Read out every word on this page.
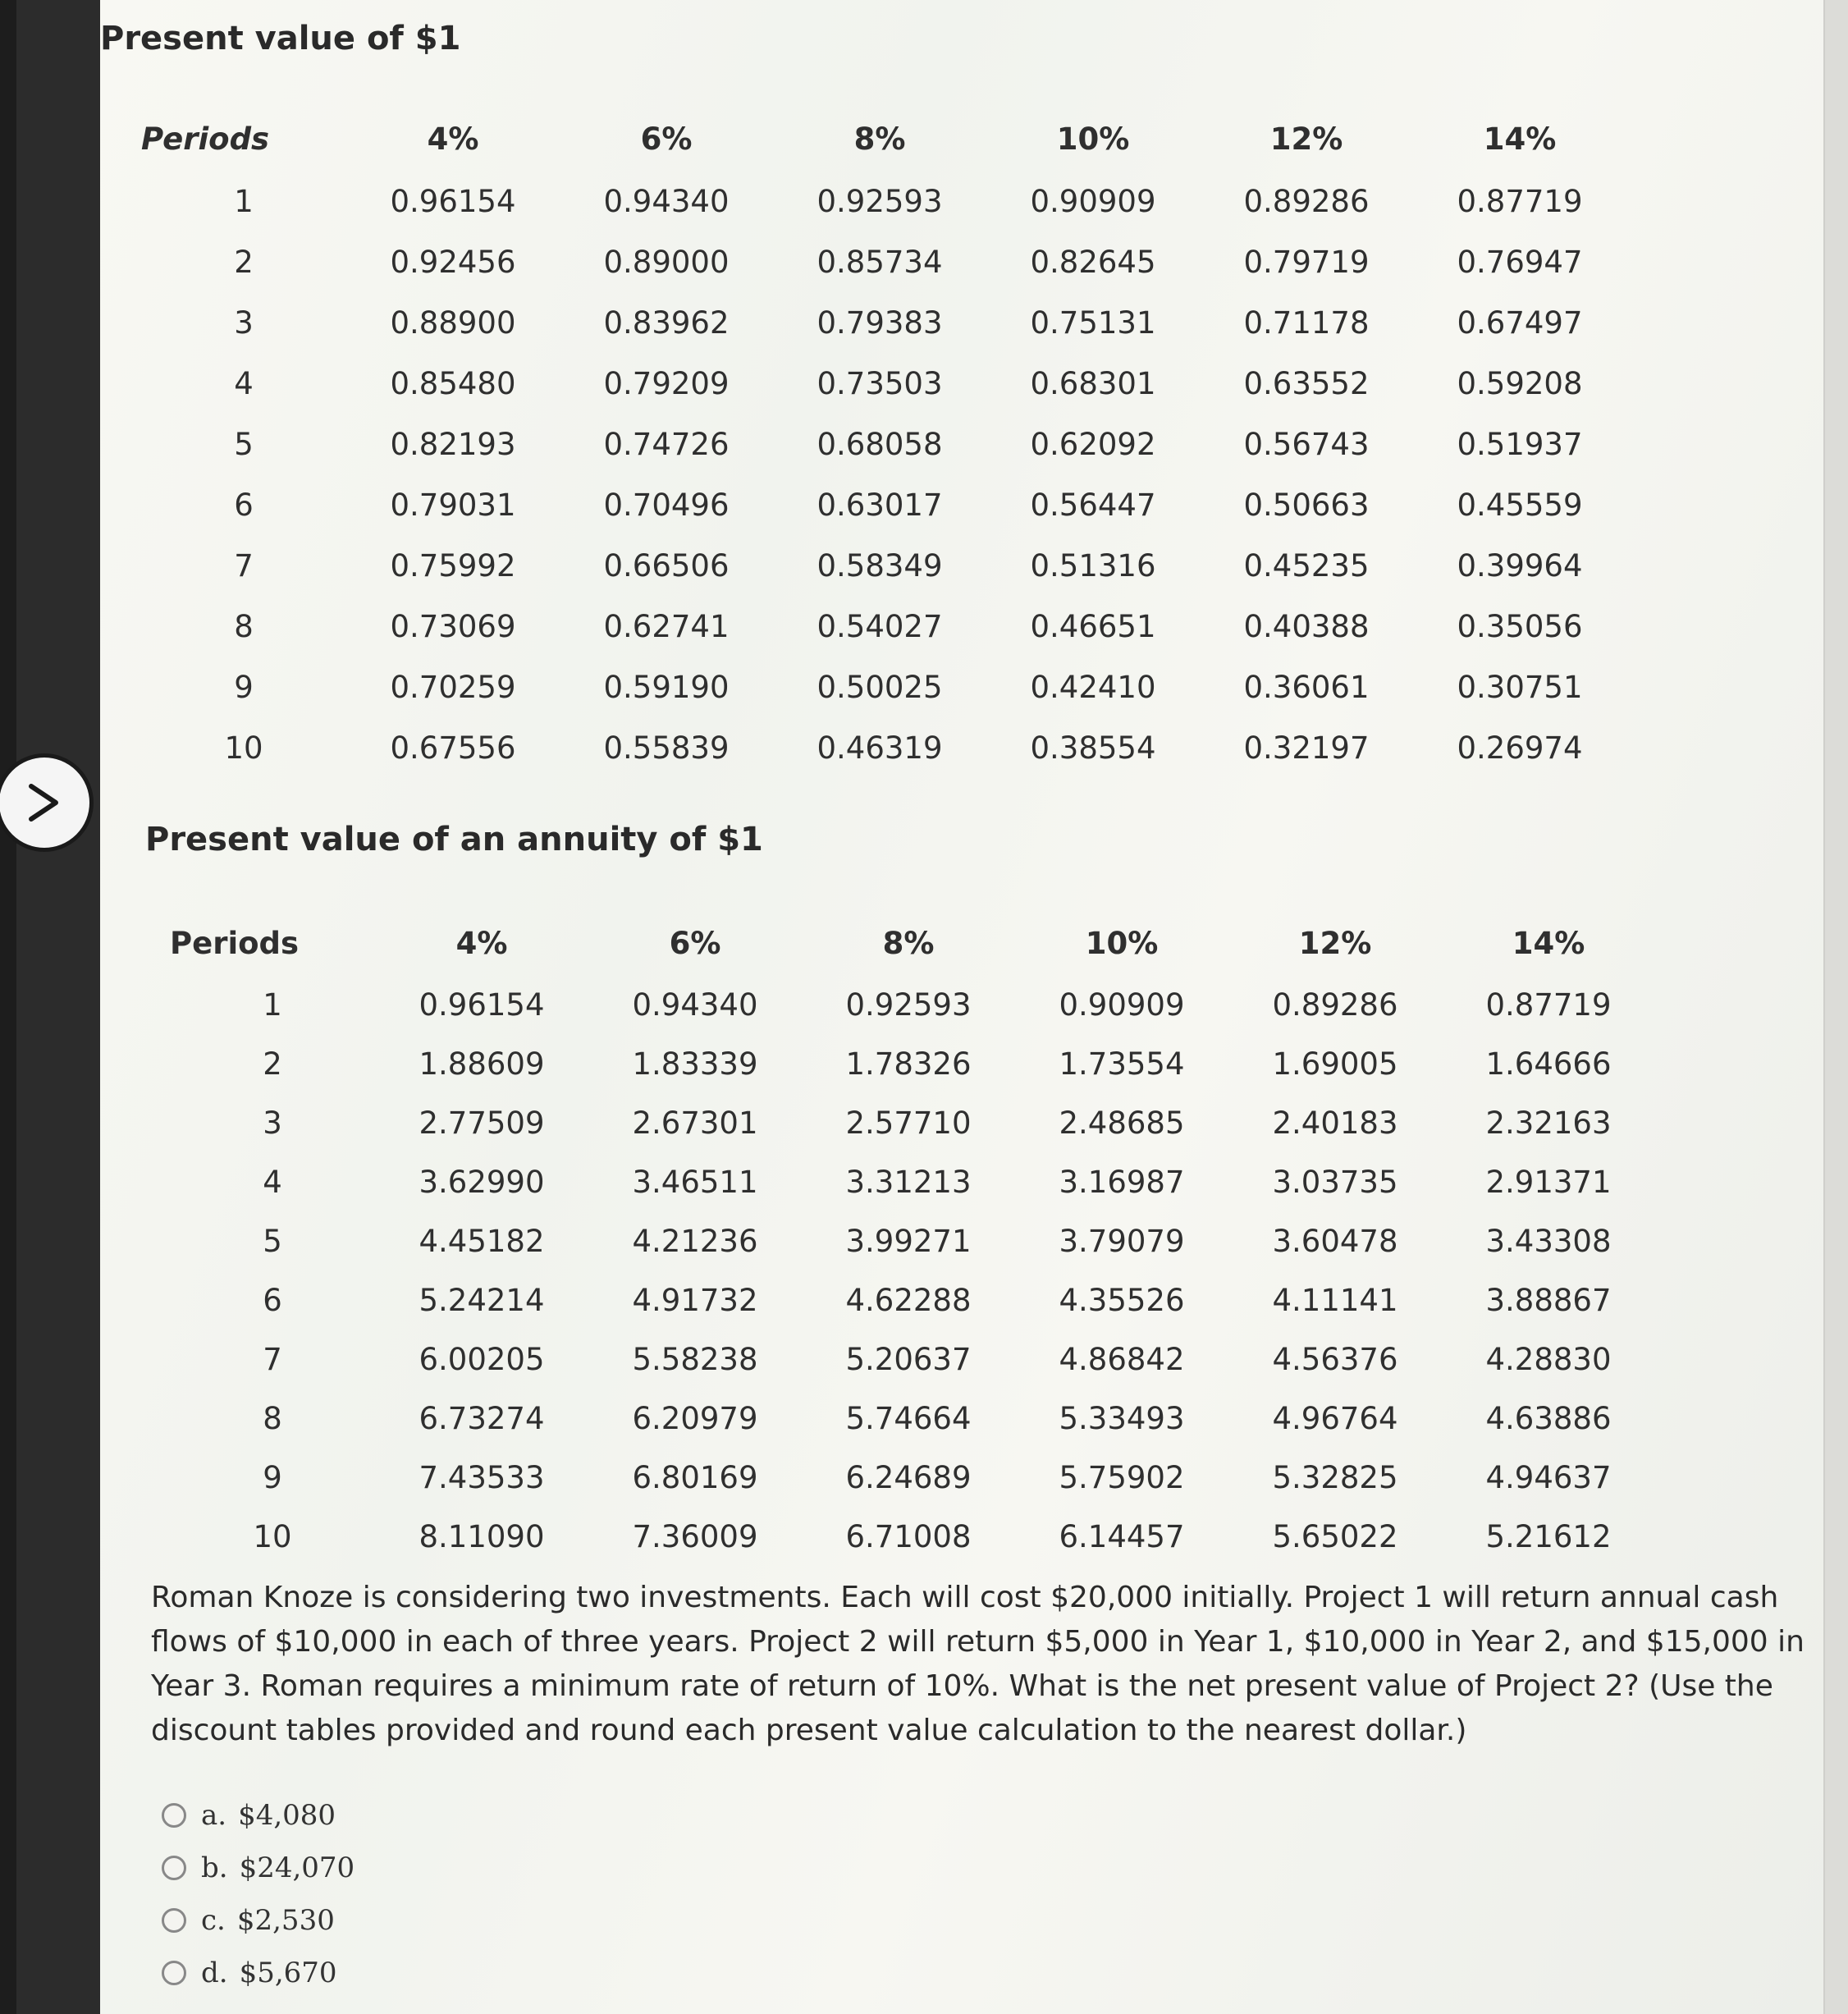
Present value of $1
Periods	4%	6%	8%	10%	12%	14%
1	0.96154	0.94340	0.92593	0.90909	0.89286	0.87719
2	0.92456	0.89000	0.85734	0.82645	0.79719	0.76947
3	0.88900	0.83962	0.79383	0.75131	0.71178	0.67497
4	0.85480	0.79209	0.73503	0.68301	0.63552	0.59208
5	0.82193	0.74726	0.68058	0.62092	0.56743	0.51937
6	0.79031	0.70496	0.63017	0.56447	0.50663	0.45559
7	0.75992	0.66506	0.58349	0.51316	0.45235	0.39964
8	0.73069	0.62741	0.54027	0.46651	0.40388	0.35056
9	0.70259	0.59190	0.50025	0.42410	0.36061	0.30751
10	0.67556	0.55839	0.46319	0.38554	0.32197	0.26974
Present value of an annuity of $1
Periods	4%	6%	8%	10%	12%	14%
1	0.96154	0.94340	0.92593	0.90909	0.89286	0.87719
2	1.88609	1.83339	1.78326	1.73554	1.69005	1.64666
3	2.77509	2.67301	2.57710	2.48685	2.40183	2.32163
4	3.62990	3.46511	3.31213	3.16987	3.03735	2.91371
5	4.45182	4.21236	3.99271	3.79079	3.60478	3.43308
6	5.24214	4.91732	4.62288	4.35526	4.11141	3.88867
7	6.00205	5.58238	5.20637	4.86842	4.56376	4.28830
8	6.73274	6.20979	5.74664	5.33493	4.96764	4.63886
9	7.43533	6.80169	6.24689	5.75902	5.32825	4.94637
10	8.11090	7.36009	6.71008	6.14457	5.65022	5.21612
Roman Knoze is considering two investments. Each will cost $20,000 initially. Project 1 will return annual cash flows of $10,000 in each of three years. Project 2 will return $5,000 in Year 1, $10,000 in Year 2, and $15,000 in Year 3. Roman requires a minimum rate of return of 10%. What is the net present value of Project 2? (Use the discount tables provided and round each present value calculation to the nearest dollar.)
a. $4,080
b. $24,070
c. $2,530
d. $5,670
